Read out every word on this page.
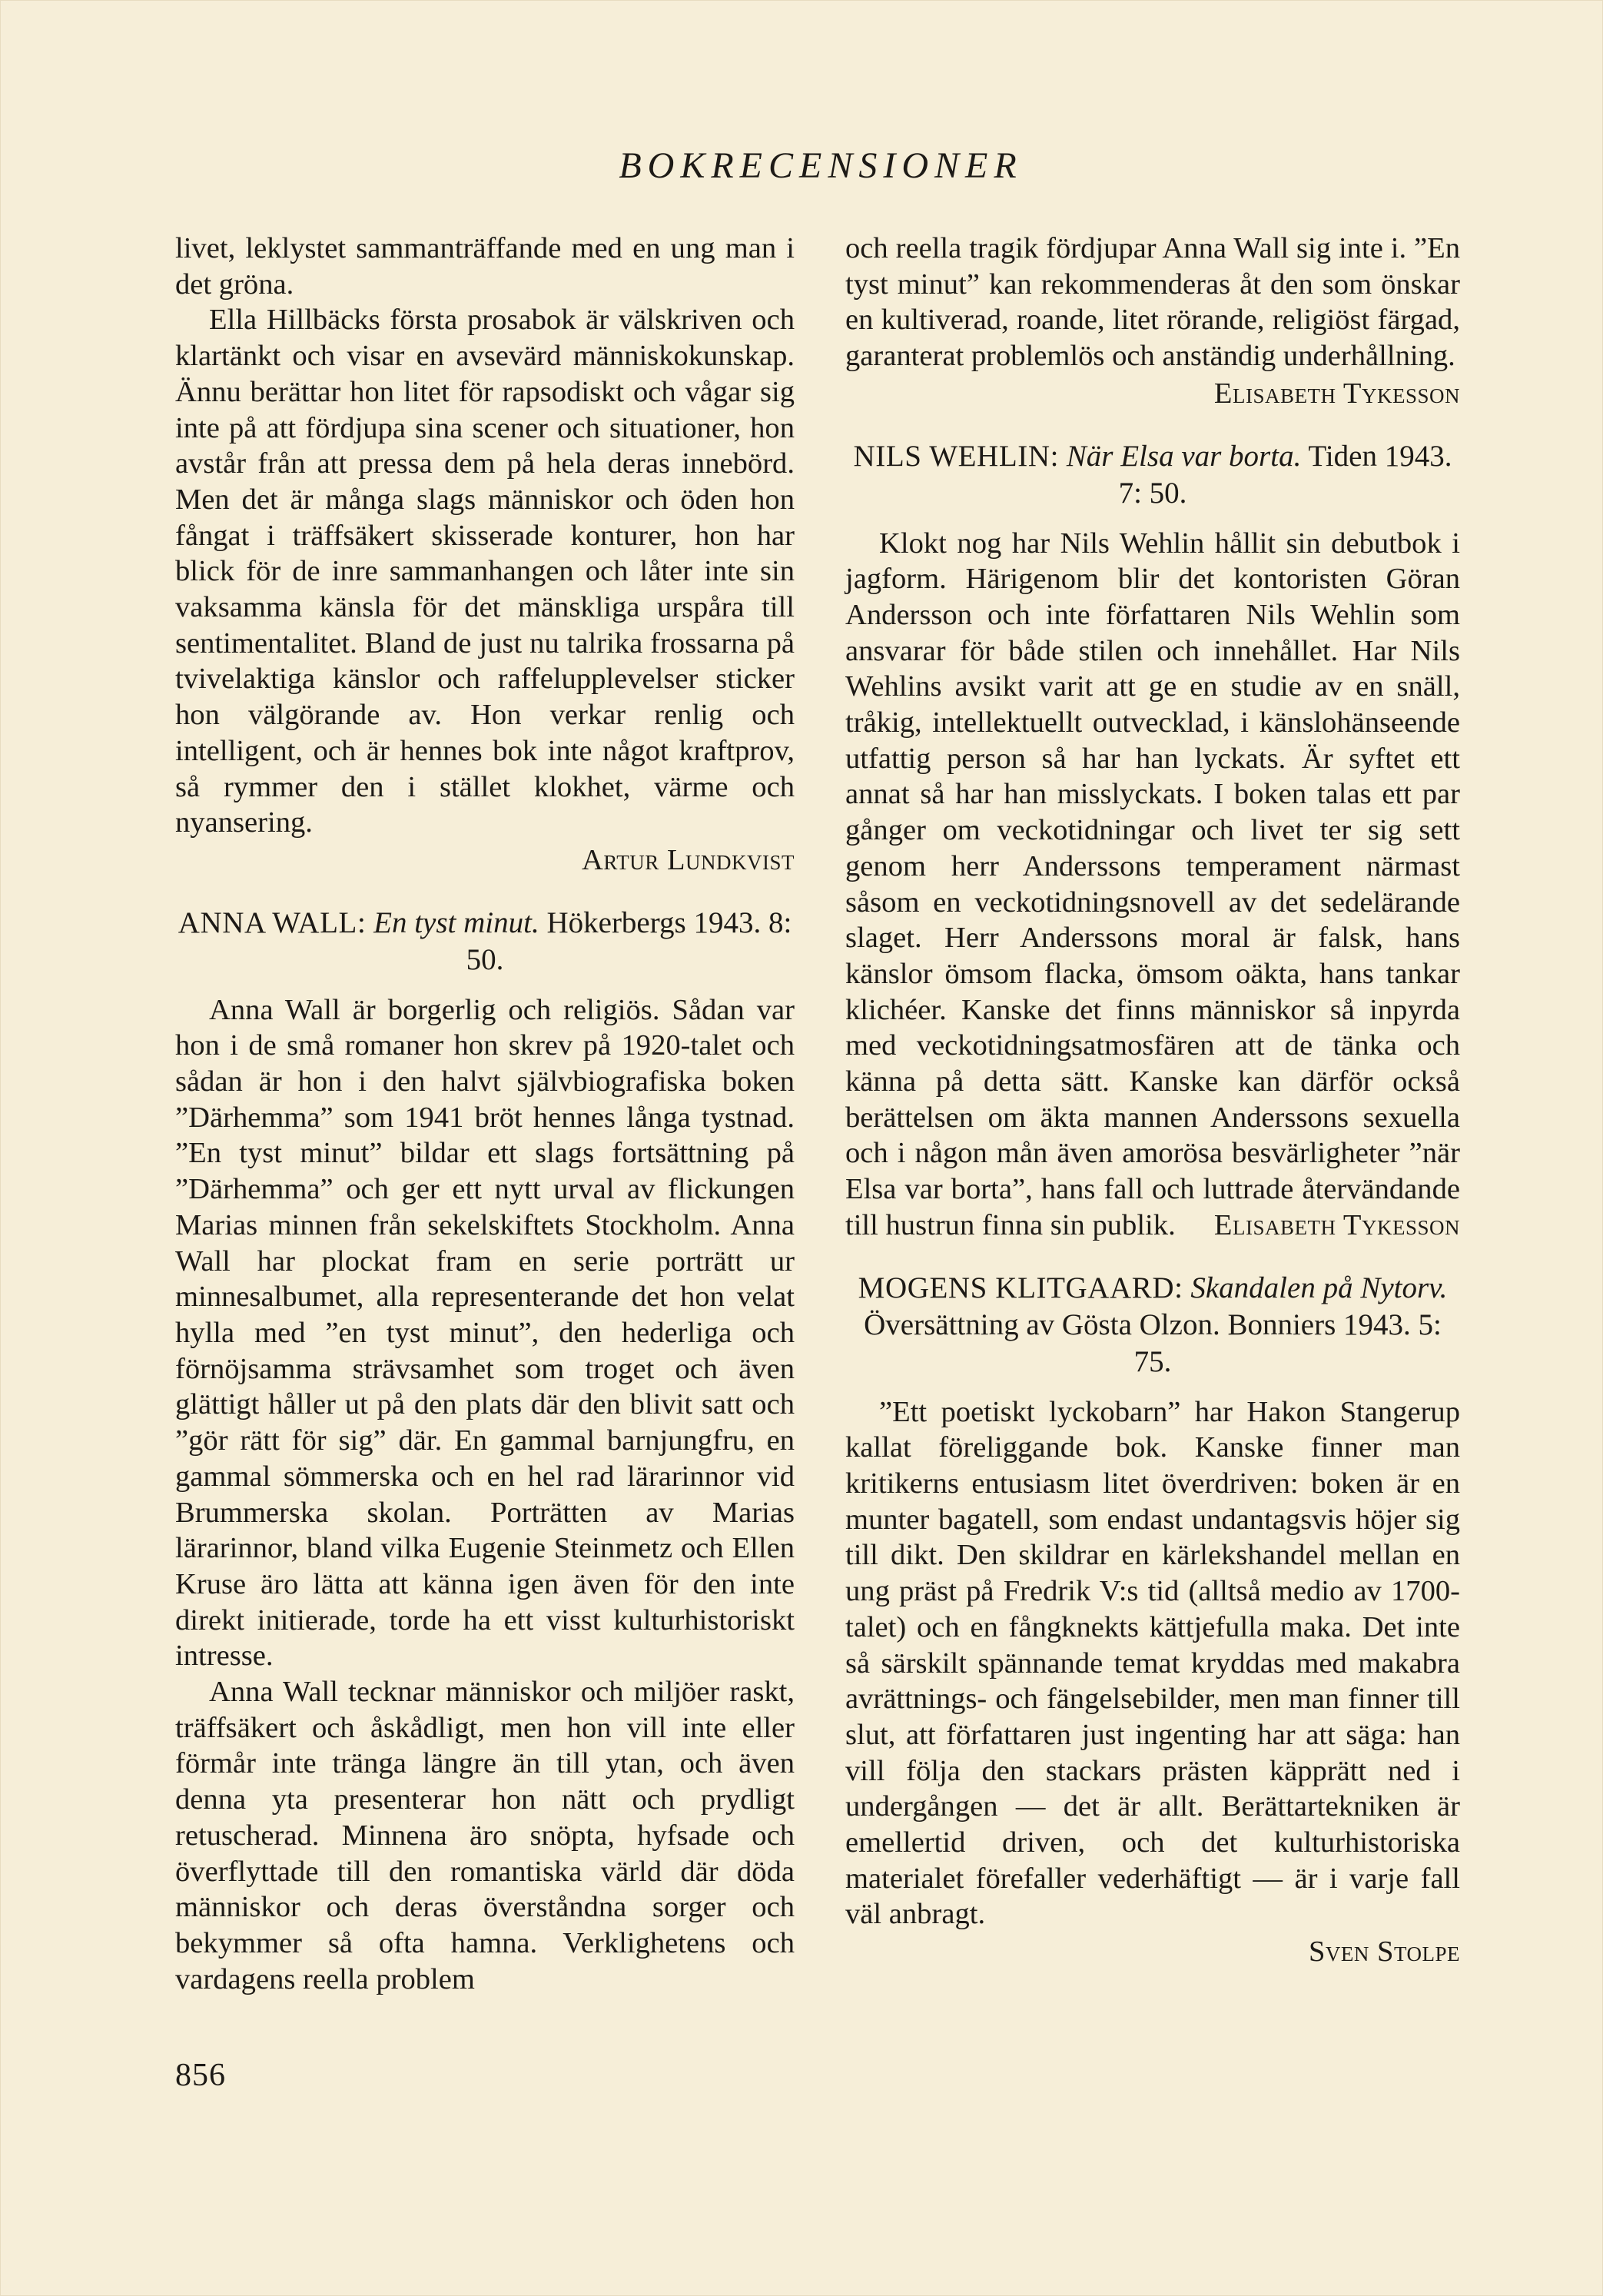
BOKRECENSIONER

livet, leklystet sammanträffande med en ung man i det gröna.

Ella Hillbäcks första prosabok är välskriven och klartänkt och visar en avsevärd människokunskap. Ännu berättar hon litet för rapsodiskt och vågar sig inte på att fördjupa sina scener och situationer, hon avstår från att pressa dem på hela deras innebörd. Men det är många slags människor och öden hon fångat i träffsäkert skisserade konturer, hon har blick för de inre sammanhangen och låter inte sin vaksamma känsla för det mänskliga urspåra till sentimentalitet. Bland de just nu talrika frossarna på tvivelaktiga känslor och raffelupplevelser sticker hon välgörande av. Hon verkar renlig och intelligent, och är hennes bok inte något kraftprov, så rymmer den i stället klokhet, värme och nyansering.

Artur Lundkvist

ANNA WALL: En tyst minut. Hökerbergs 1943. 8: 50.

Anna Wall är borgerlig och religiös. Sådan var hon i de små romaner hon skrev på 1920-talet och sådan är hon i den halvt självbiografiska boken ”Därhemma” som 1941 bröt hennes långa tystnad. ”En tyst minut” bildar ett slags fortsättning på ”Därhemma” och ger ett nytt urval av flickungen Marias minnen från sekelskiftets Stockholm. Anna Wall har plockat fram en serie porträtt ur minnesalbumet, alla representerande det hon velat hylla med ”en tyst minut”, den hederliga och förnöjsamma strävsamhet som troget och även glättigt håller ut på den plats där den blivit satt och ”gör rätt för sig” där. En gammal barnjungfru, en gammal sömmerska och en hel rad lärarinnor vid Brummerska skolan. Porträtten av Marias lärarinnor, bland vilka Eugenie Steinmetz och Ellen Kruse äro lätta att känna igen även för den inte direkt initierade, torde ha ett visst kulturhistoriskt intresse.

Anna Wall tecknar människor och miljöer raskt, träffsäkert och åskådligt, men hon vill inte eller förmår inte tränga längre än till ytan, och även denna yta presenterar hon nätt och prydligt retuscherad. Minnena äro snöpta, hyfsade och överflyttade till den romantiska värld där döda människor och deras överståndna sorger och bekymmer så ofta hamna. Verklighetens och vardagens reella problem

och reella tragik fördjupar Anna Wall sig inte i. ”En tyst minut” kan rekommenderas åt den som önskar en kultiverad, roande, litet rörande, religiöst färgad, garanterat problemlös och anständig underhållning.

Elisabeth Tykesson

NILS WEHLIN: När Elsa var borta. Tiden 1943. 7: 50.

Klokt nog har Nils Wehlin hållit sin debutbok i jagform. Härigenom blir det kontoristen Göran Andersson och inte författaren Nils Wehlin som ansvarar för både stilen och innehållet. Har Nils Wehlins avsikt varit att ge en studie av en snäll, tråkig, intellektuellt outvecklad, i känslohänseende utfattig person så har han lyckats. Är syftet ett annat så har han misslyckats. I boken talas ett par gånger om veckotidningar och livet ter sig sett genom herr Anderssons temperament närmast såsom en veckotidningsnovell av det sedelärande slaget. Herr Anderssons moral är falsk, hans känslor ömsom flacka, ömsom oäkta, hans tankar klichéer. Kanske det finns människor så inpyrda med veckotidningsatmosfären att de tänka och känna på detta sätt. Kanske kan därför också berättelsen om äkta mannen Anderssons sexuella och i någon mån även amorösa besvärligheter ”när Elsa var borta”, hans fall och luttrade återvändande till hustrun finna sin publik.	Elisabeth Tykesson

MOGENS KLITGAARD: Skandalen på Nytorv. Översättning av Gösta Olzon. Bonniers 1943. 5: 75.

”Ett poetiskt lyckobarn” har Hakon Stangerup kallat föreliggande bok. Kanske finner man kritikerns entusiasm litet överdriven: boken är en munter bagatell, som endast undantagsvis höjer sig till dikt. Den skildrar en kärlekshandel mellan en ung präst på Fredrik V:s tid (alltså medio av 1700-talet) och en fångknekts kättjefulla maka. Det inte så särskilt spännande temat kryddas med makabra avrättnings- och fängelsebilder, men man finner till slut, att författaren just ingenting har att säga: han vill följa den stackars prästen käpprätt ned i undergången — det är allt. Berättartekniken är emellertid driven, och det kulturhistoriska materialet förefaller vederhäftigt — är i varje fall väl anbragt.

Sven Stolpe

856
